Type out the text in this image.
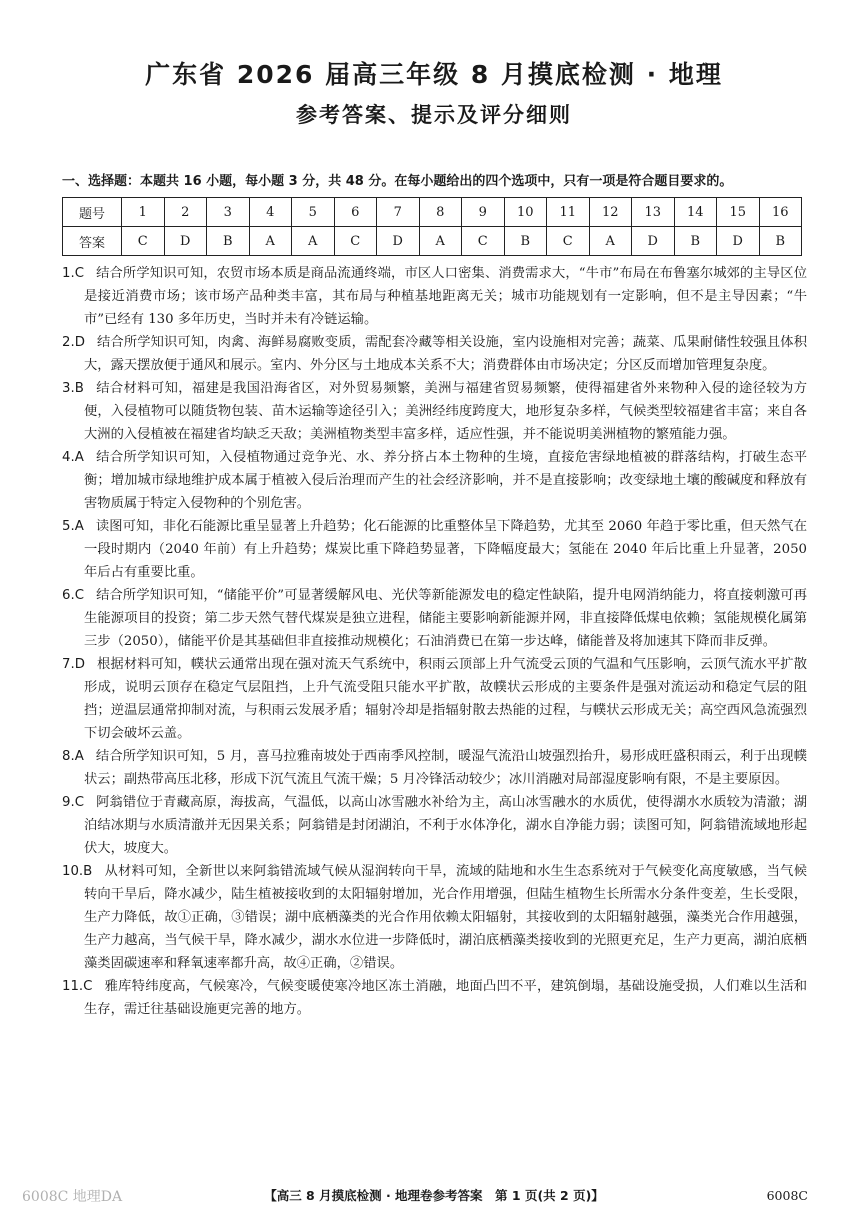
广东省 2026 届高三年级 8 月摸底检测 · 地理
参考答案、提示及评分细则
一、选择题：本题共 16 小题，每小题 3 分，共 48 分。在每小题给出的四个选项中，只有一项是符合题目要求的。
题号	1	2	3	4	5	6	7	8	9	10	11	12	13	14	15	16
答案	C	D	B	A	A	C	D	A	C	B	C	A	D	B	D	B

1.C 结合所学知识可知，农贸市场本质是商品流通终端，市区人口密集、消费需求大，“牛市”布局在布鲁塞尔城郊的主导区位是接近消费市场；该市场产品种类丰富，其布局与种植基地距离无关；城市功能规划有一定影响，但不是主导因素；“牛市”已经有 130 多年历史，当时并未有冷链运输。

2.D 结合所学知识可知，肉禽、海鲜易腐败变质，需配套冷藏等相关设施，室内设施相对完善；蔬菜、瓜果耐储性较强且体积大，露天摆放便于通风和展示。室内、外分区与土地成本关系不大；消费群体由市场决定；分区反而增加管理复杂度。

3.B 结合材料可知，福建是我国沿海省区，对外贸易频繁，美洲与福建省贸易频繁，使得福建省外来物种入侵的途径较为方便，入侵植物可以随货物包装、苗木运输等途径引入；美洲经纬度跨度大，地形复杂多样，气候类型较福建省丰富；来自各大洲的入侵植被在福建省均缺乏天敌；美洲植物类型丰富多样，适应性强，并不能说明美洲植物的繁殖能力强。

4.A 结合所学知识可知，入侵植物通过竞争光、水、养分挤占本土物种的生境，直接危害绿地植被的群落结构，打破生态平衡；增加城市绿地维护成本属于植被入侵后治理而产生的社会经济影响，并不是直接影响；改变绿地土壤的酸碱度和释放有害物质属于特定入侵物种的个别危害。

5.A 读图可知，非化石能源比重呈显著上升趋势；化石能源的比重整体呈下降趋势，尤其至 2060 年趋于零比重，但天然气在一段时期内（2040 年前）有上升趋势；煤炭比重下降趋势显著，下降幅度最大；氢能在 2040 年后比重上升显著，2050 年后占有重要比重。

6.C 结合所学知识可知，“储能平价”可显著缓解风电、光伏等新能源发电的稳定性缺陷，提升电网消纳能力，将直接刺激可再生能源项目的投资；第二步天然气替代煤炭是独立进程，储能主要影响新能源并网，非直接降低煤电依赖；氢能规模化属第三步（2050），储能平价是其基础但非直接推动规模化；石油消费已在第一步达峰，储能普及将加速其下降而非反弹。

7.D 根据材料可知，幞状云通常出现在强对流天气系统中，积雨云顶部上升气流受云顶的气温和气压影响，云顶气流水平扩散形成，说明云顶存在稳定气层阻挡，上升气流受阻只能水平扩散，故幞状云形成的主要条件是强对流运动和稳定气层的阻挡；逆温层通常抑制对流，与积雨云发展矛盾；辐射冷却是指辐射散去热能的过程，与幞状云形成无关；高空西风急流强烈下切会破坏云盖。

8.A 结合所学知识可知，5 月，喜马拉雅南坡处于西南季风控制，暖湿气流沿山坡强烈抬升，易形成旺盛积雨云，利于出现幞状云；副热带高压北移，形成下沉气流且气流干燥；5 月冷锋活动较少；冰川消融对局部湿度影响有限，不是主要原因。

9.C 阿翁错位于青藏高原，海拔高，气温低，以高山冰雪融水补给为主，高山冰雪融水的水质优，使得湖水水质较为清澈；湖泊结冰期与水质清澈并无因果关系；阿翁错是封闭湖泊，不利于水体净化，湖水自净能力弱；读图可知，阿翁错流域地形起伏大，坡度大。

10.B 从材料可知，全新世以来阿翁错流域气候从湿润转向干旱，流域的陆地和水生生态系统对于气候变化高度敏感，当气候转向干旱后，降水减少，陆生植被接收到的太阳辐射增加，光合作用增强，但陆生植物生长所需水分条件变差，生长受限，生产力降低，故①正确，③错误；湖中底栖藻类的光合作用依赖太阳辐射，其接收到的太阳辐射越强，藻类光合作用越强，生产力越高，当气候干旱，降水减少，湖水水位进一步降低时，湖泊底栖藻类接收到的光照更充足，生产力更高，湖泊底栖藻类固碳速率和释氧速率都升高，故④正确，②错误。

11.C 雅库特纬度高，气候寒冷，气候变暖使寒冷地区冻土消融，地面凸凹不平，建筑倒塌，基础设施受损，人们难以生活和生存，需迁往基础设施更完善的地方。

6008C 地理DA	【高三 8 月摸底检测 · 地理卷参考答案　第 1 页(共 2 页)】	6008C
